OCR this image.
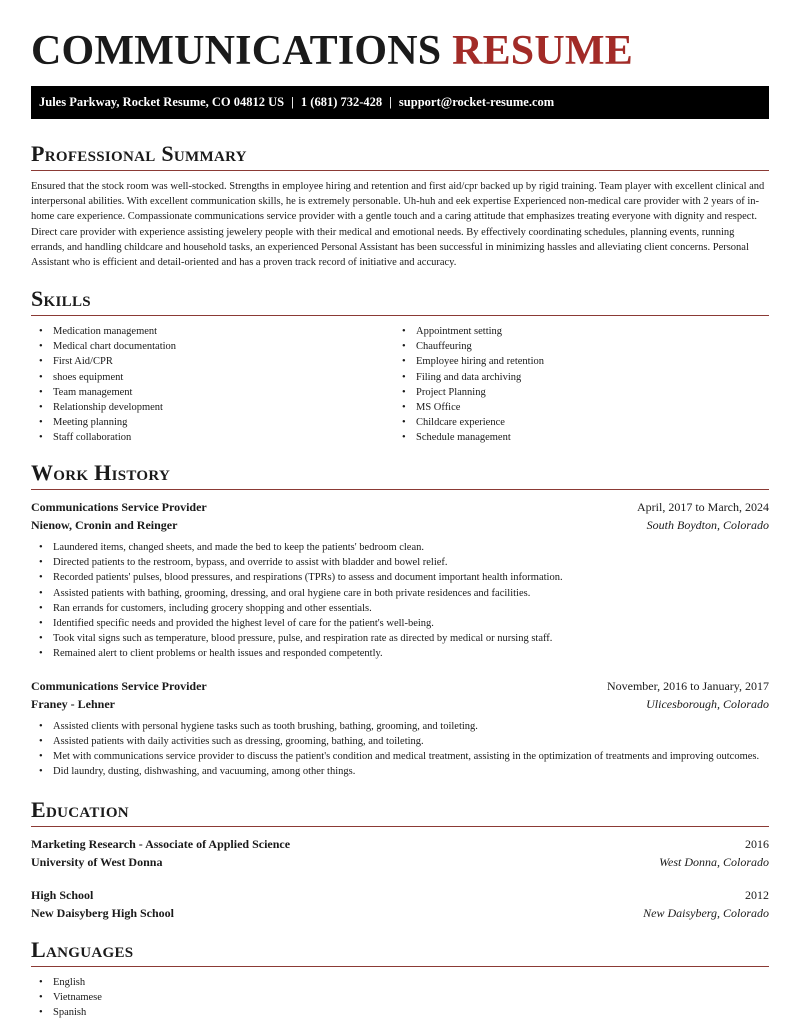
COMMUNICATIONS RESUME
Jules Parkway, Rocket Resume, CO 04812 US | 1 (681) 732-428 | support@rocket-resume.com
Professional Summary

Ensured that the stock room was well-stocked. Strengths in employee hiring and retention and first aid/cpr backed up by rigid training. Team player with excellent clinical and interpersonal abilities. With excellent communication skills, he is extremely personable. Uh-huh and eek expertise Experienced non-medical care provider with 2 years of in-home care experience. Compassionate communications service provider with a gentle touch and a caring attitude that emphasizes treating everyone with dignity and respect. Direct care provider with experience assisting jewelery people with their medical and emotional needs. By effectively coordinating schedules, planning events, running errands, and handling childcare and household tasks, an experienced Personal Assistant has been successful in minimizing hassles and alleviating client concerns. Personal Assistant who is efficient and detail-oriented and has a proven track record of initiative and accuracy.

Skills
• Medication management
• Medical chart documentation
• First Aid/CPR
• shoes equipment
• Team management
• Relationship development
• Meeting planning
• Staff collaboration
• Appointment setting
• Chauffeuring
• Employee hiring and retention
• Filing and data archiving
• Project Planning
• MS Office
• Childcare experience
• Schedule management
Work History
Communications Service Provider	April, 2017 to March, 2024
Nienow, Cronin and Reinger	South Boydton, Colorado
• Laundered items, changed sheets, and made the bed to keep the patients' bedroom clean.
• Directed patients to the restroom, bypass, and override to assist with bladder and bowel relief.
• Recorded patients' pulses, blood pressures, and respirations (TPRs) to assess and document important health information.
• Assisted patients with bathing, grooming, dressing, and oral hygiene care in both private residences and facilities.
• Ran errands for customers, including grocery shopping and other essentials.
• Identified specific needs and provided the highest level of care for the patient's well-being.
• Took vital signs such as temperature, blood pressure, pulse, and respiration rate as directed by medical or nursing staff.
• Remained alert to client problems or health issues and responded competently.
Communications Service Provider	November, 2016 to January, 2017
Franey - Lehner	Ulicesborough, Colorado
• Assisted clients with personal hygiene tasks such as tooth brushing, bathing, grooming, and toileting.
• Assisted patients with daily activities such as dressing, grooming, bathing, and toileting.
• Met with communications service provider to discuss the patient's condition and medical treatment, assisting in the optimization of treatments and improving outcomes.
• Did laundry, dusting, dishwashing, and vacuuming, among other things.
Education
Marketing Research - Associate of Applied Science	2016
University of West Donna	West Donna, Colorado
High School	2012
New Daisyberg High School	New Daisyberg, Colorado
Languages
• English
• Vietnamese
• Spanish
